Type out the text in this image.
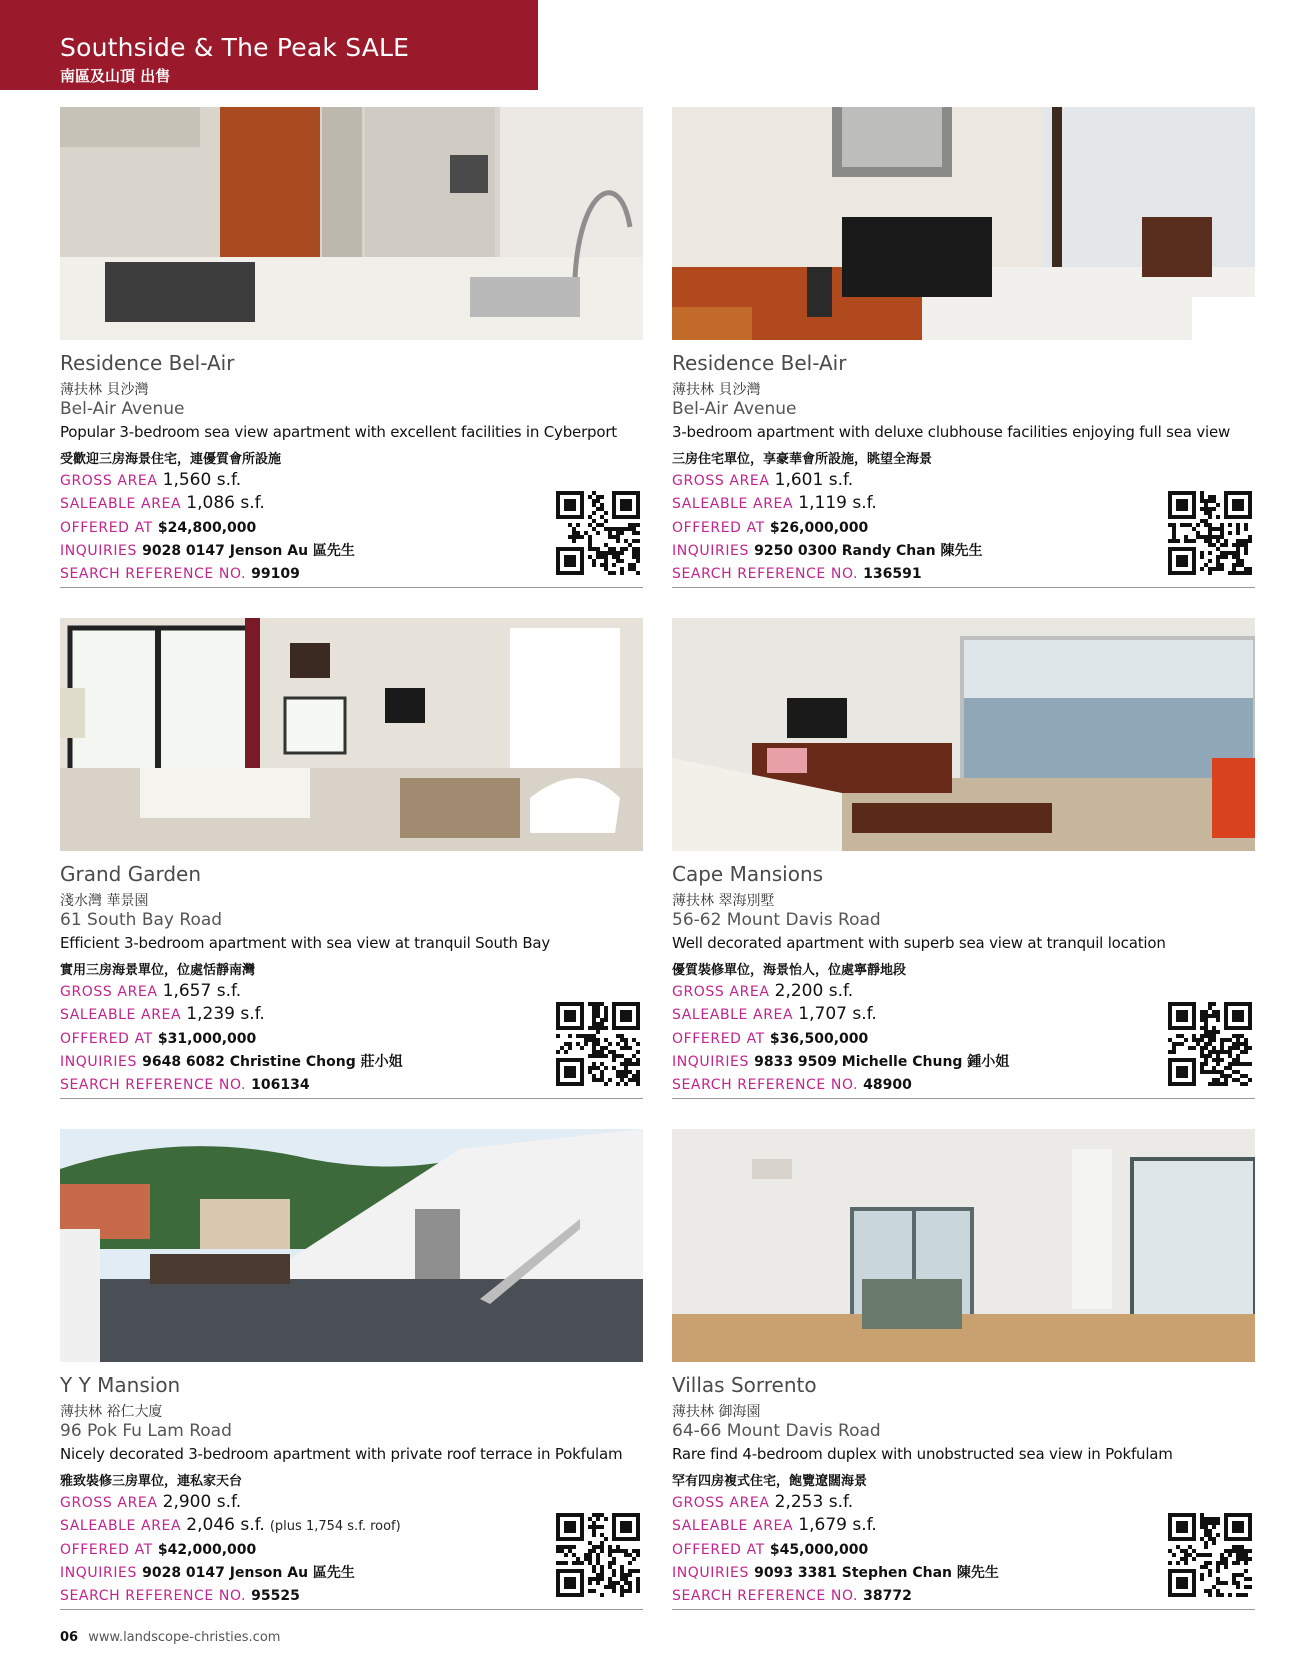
Southside & The Peak SALE
南區及山頂 出售
Residence Bel-Air
薄扶林 貝沙灣
Bel-Air Avenue
Popular 3-bedroom sea view apartment with excellent facilities in Cyberport
受歡迎三房海景住宅，連優質會所設施
GROSS AREA 1,560 s.f.
SALEABLE AREA 1,086 s.f.
OFFERED AT $24,800,000
INQUIRIES 9028 0147 Jenson Au 區先生
SEARCH REFERENCE NO. 99109
Residence Bel-Air
薄扶林 貝沙灣
Bel-Air Avenue
3-bedroom apartment with deluxe clubhouse facilities enjoying full sea view
三房住宅單位，享豪華會所設施，眺望全海景
GROSS AREA 1,601 s.f.
SALEABLE AREA 1,119 s.f.
OFFERED AT $26,000,000
INQUIRIES 9250 0300 Randy Chan 陳先生
SEARCH REFERENCE NO. 136591
Grand Garden
淺水灣 華景園
61 South Bay Road
Efficient 3-bedroom apartment with sea view at tranquil South Bay
實用三房海景單位，位處恬靜南灣
GROSS AREA 1,657 s.f.
SALEABLE AREA 1,239 s.f.
OFFERED AT $31,000,000
INQUIRIES 9648 6082 Christine Chong 莊小姐
SEARCH REFERENCE NO. 106134
Cape Mansions
薄扶林 翠海別墅
56-62 Mount Davis Road
Well decorated apartment with superb sea view at tranquil location
優質裝修單位，海景怡人，位處寧靜地段
GROSS AREA 2,200 s.f.
SALEABLE AREA 1,707 s.f.
OFFERED AT $36,500,000
INQUIRIES 9833 9509 Michelle Chung 鍾小姐
SEARCH REFERENCE NO. 48900
Y Y Mansion
薄扶林 裕仁大廈
96 Pok Fu Lam Road
Nicely decorated 3-bedroom apartment with private roof terrace in Pokfulam
雅致裝修三房單位，連私家天台
GROSS AREA 2,900 s.f.
SALEABLE AREA 2,046 s.f. (plus 1,754 s.f. roof)
OFFERED AT $42,000,000
INQUIRIES 9028 0147 Jenson Au 區先生
SEARCH REFERENCE NO. 95525
Villas Sorrento
薄扶林 御海園
64-66 Mount Davis Road
Rare find 4-bedroom duplex with unobstructed sea view in Pokfulam
罕有四房複式住宅，飽覽遼闊海景
GROSS AREA 2,253 s.f.
SALEABLE AREA 1,679 s.f.
OFFERED AT $45,000,000
INQUIRIES 9093 3381 Stephen Chan 陳先生
SEARCH REFERENCE NO. 38772
06 www.landscope-christies.com
